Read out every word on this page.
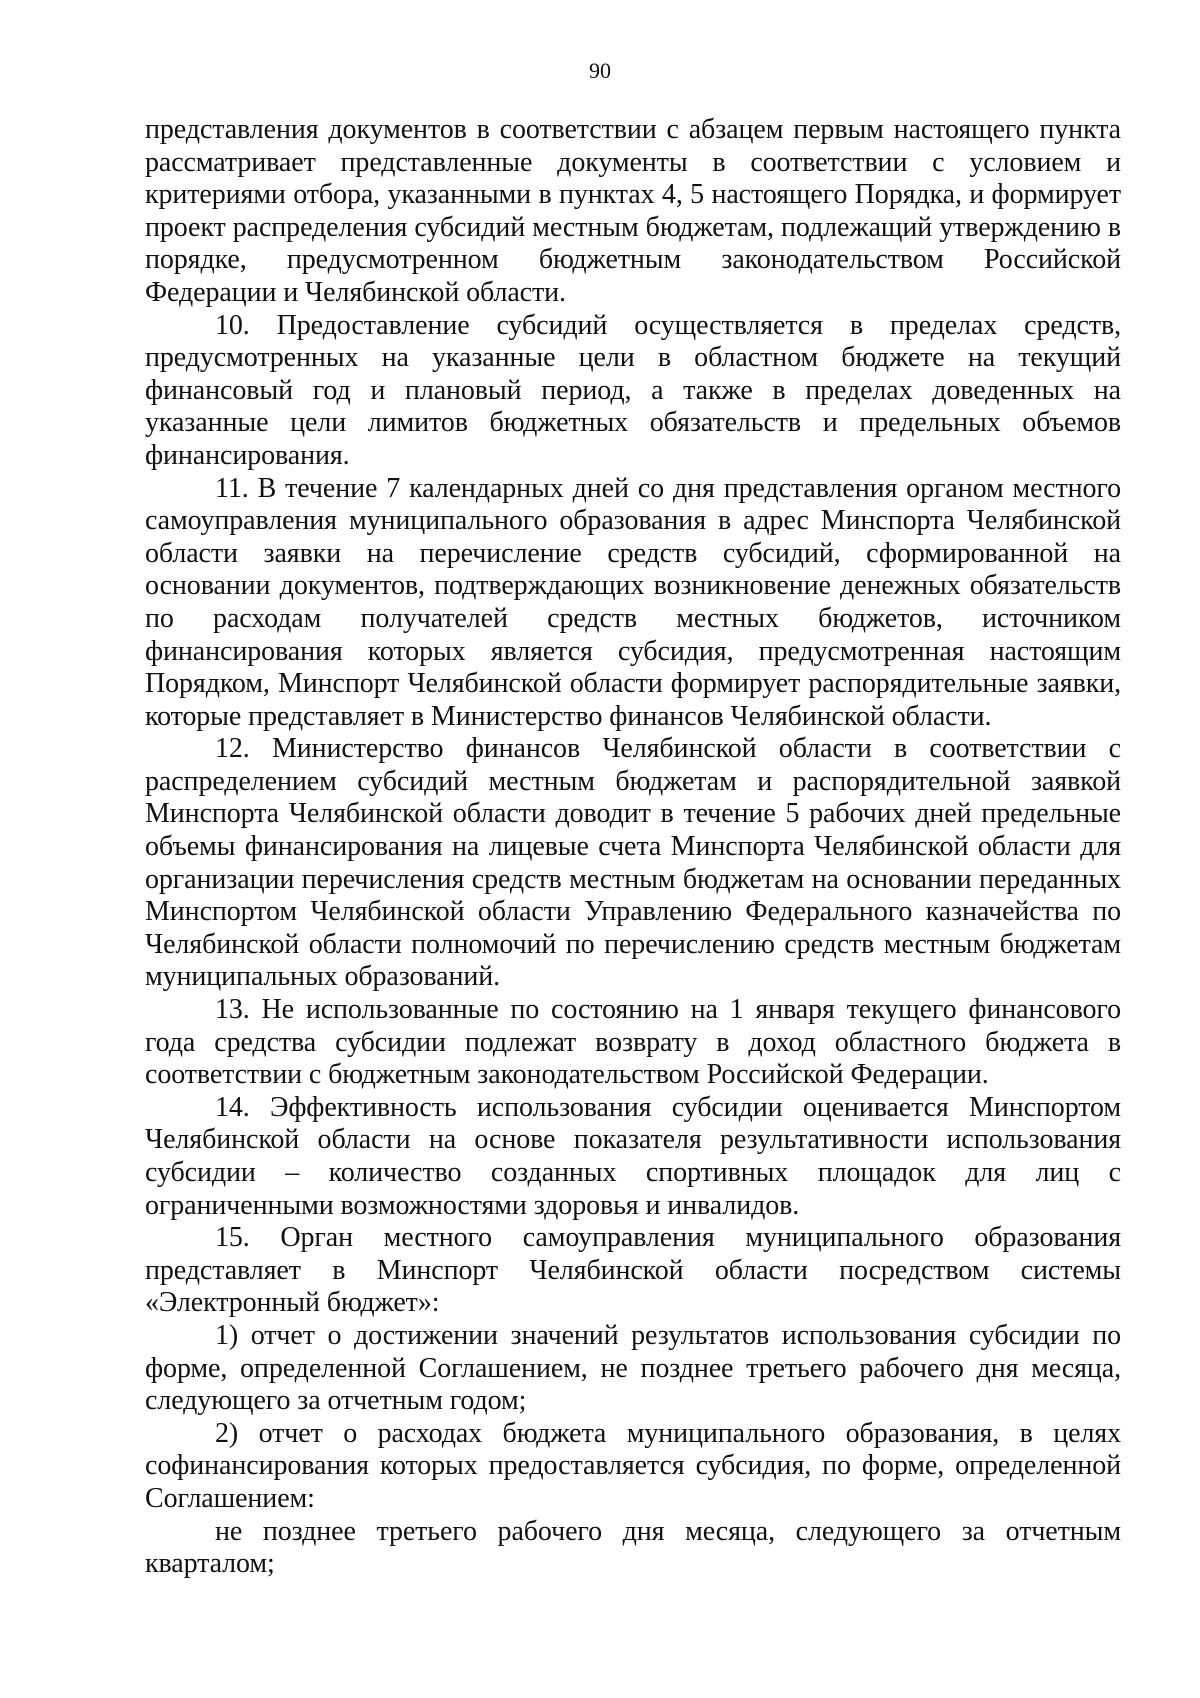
90

представления документов в соответствии с абзацем первым настоящего пункта рассматривает представленные документы в соответствии с условием и критериями отбора, указанными в пунктах 4, 5 настоящего Порядка, и формирует проект распределения субсидий местным бюджетам, подлежащий утверждению в порядке, предусмотренном бюджетным законодательством Российской Федерации и Челябинской области.

10. Предоставление субсидий осуществляется в пределах средств, предусмотренных на указанные цели в областном бюджете на текущий финансовый год и плановый период, а также в пределах доведенных на указанные цели лимитов бюджетных обязательств и предельных объемов финансирования.

11. В течение 7 календарных дней со дня представления органом местного самоуправления муниципального образования в адрес Минспорта Челябинской области заявки на перечисление средств субсидий, сформированной на основании документов, подтверждающих возникновение денежных обязательств по расходам получателей средств местных бюджетов, источником финансирования которых является субсидия, предусмотренная настоящим Порядком, Минспорт Челябинской области формирует распорядительные заявки, которые представляет в Министерство финансов Челябинской области.

12. Министерство финансов Челябинской области в соответствии с распределением субсидий местным бюджетам и распорядительной заявкой Минспорта Челябинской области доводит в течение 5 рабочих дней предельные объемы финансирования на лицевые счета Минспорта Челябинской области для организации перечисления средств местным бюджетам на основании переданных Минспортом Челябинской области Управлению Федерального казначейства по Челябинской области полномочий по перечислению средств местным бюджетам муниципальных образований.

13. Не использованные по состоянию на 1 января текущего финансового года средства субсидии подлежат возврату в доход областного бюджета в соответствии с бюджетным законодательством Российской Федерации.

14. Эффективность использования субсидии оценивается Минспортом Челябинской области на основе показателя результативности использования субсидии – количество созданных спортивных площадок для лиц с ограниченными возможностями здоровья и инвалидов.

15. Орган местного самоуправления муниципального образования представляет в Минспорт Челябинской области посредством системы «Электронный бюджет»:

1) отчет о достижении значений результатов использования субсидии по форме, определенной Соглашением, не позднее третьего рабочего дня месяца, следующего за отчетным годом;

2) отчет о расходах бюджета муниципального образования, в целях софинансирования которых предоставляется субсидия, по форме, определенной Соглашением:

не позднее третьего рабочего дня месяца, следующего за отчетным кварталом;
